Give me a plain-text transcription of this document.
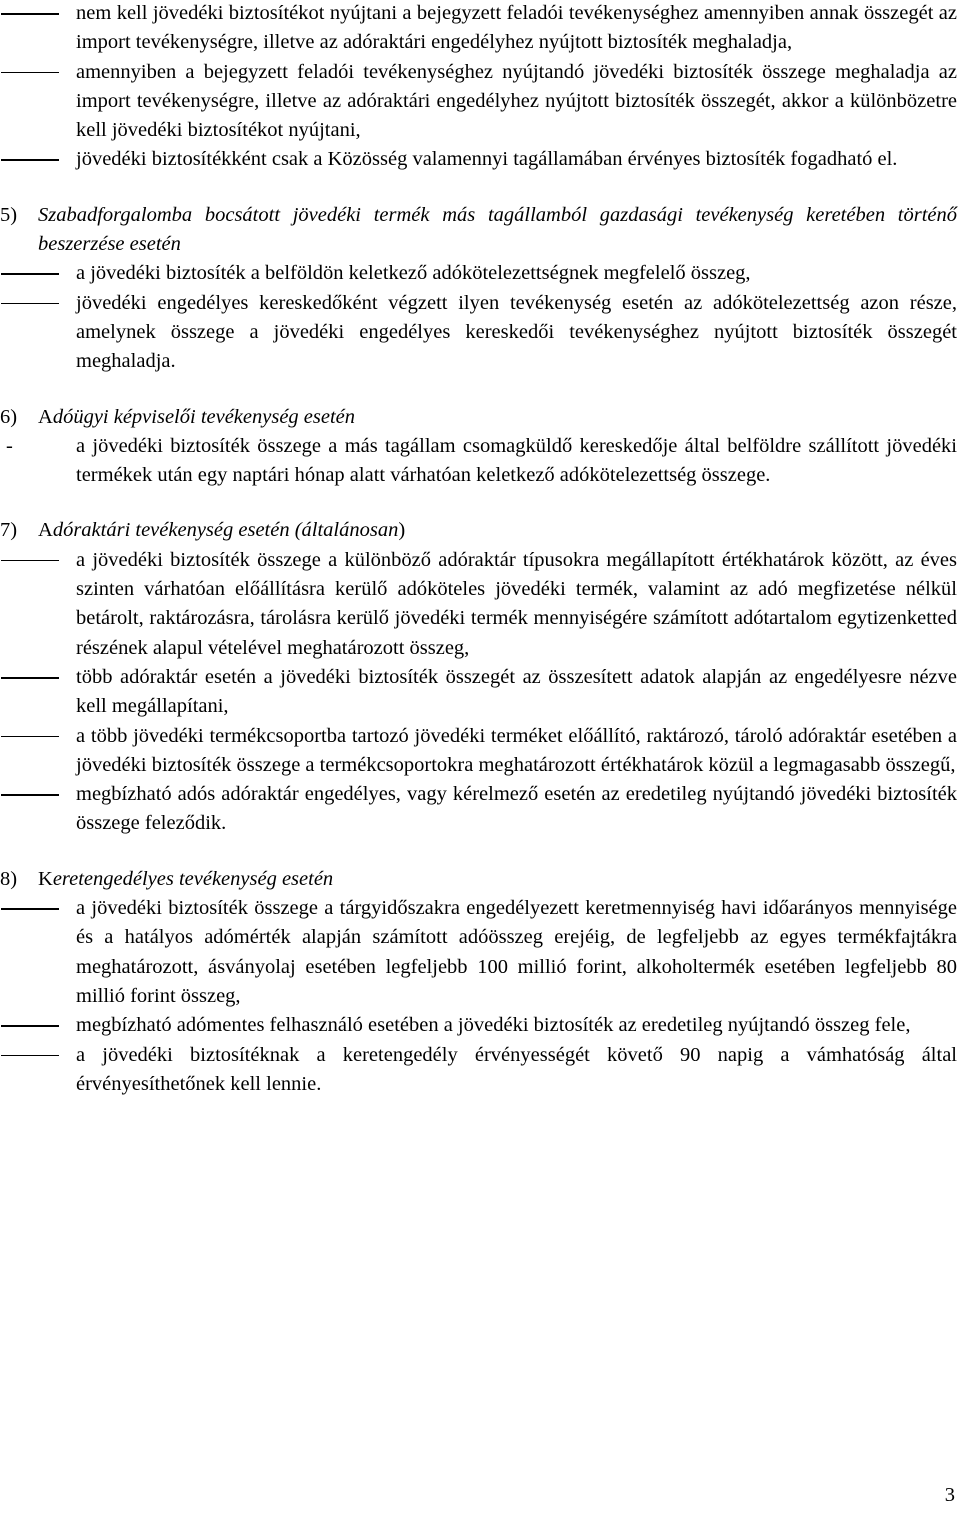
nem kell jövedéki biztosítékot nyújtani a bejegyzett feladói tevékenységhez amennyiben annak összegét az import tevékenységre, illetve az adóraktári engedélyhez nyújtott biztosíték meghaladja,
amennyiben a bejegyzett feladói tevékenységhez nyújtandó jövedéki biztosíték összege meghaladja az import tevékenységre, illetve az adóraktári engedélyhez nyújtott biztosíték összegét, akkor a különbözetre kell jövedéki biztosítékot nyújtani,
jövedéki biztosítékként csak a Közösség valamennyi tagállamában érvényes biztosíték fogadható el.

5) Szabadforgalomba bocsátott jövedéki termék más tagállamból gazdasági tevékenység keretében történő beszerzése esetén

a jövedéki biztosíték a belföldön keletkező adókötelezettségnek megfelelő összeg,
jövedéki engedélyes kereskedőként végzett ilyen tevékenység esetén az adókötelezettség azon része, amelynek összege a jövedéki engedélyes kereskedői tevékenységhez nyújtott biztosíték összegét meghaladja.

6) Adóügyi képviselői tevékenység esetén

-	a jövedéki biztosíték összege a más tagállam csomagküldő kereskedője által belföldre szállított jövedéki termékek után egy naptári hónap alatt várhatóan keletkező adókötelezettség összege.

7) Adóraktári tevékenység esetén (általánosan)

a jövedéki biztosíték összege a különböző adóraktár típusokra megállapított értékhatárok között, az éves szinten várhatóan előállításra kerülő adóköteles jövedéki termék, valamint az adó megfizetése nélkül betárolt, raktározásra, tárolásra kerülő jövedéki termék mennyiségére számított adótartalom egytizenketted részének alapul vételével meghatározott összeg,
több adóraktár esetén a jövedéki biztosíték összegét az összesített adatok alapján az engedélyesre nézve kell megállapítani,
a több jövedéki termékcsoportba tartozó jövedéki terméket előállító, raktározó, tároló adóraktár esetében a jövedéki biztosíték összege a termékcsoportokra meghatározott értékhatárok közül a legmagasabb összegű,
megbízható adós adóraktár engedélyes, vagy kérelmező esetén az eredetileg nyújtandó jövedéki biztosíték összege feleződik.

8) Keretengedélyes tevékenység esetén

a jövedéki biztosíték összege a tárgyidőszakra engedélyezett keretmennyiség havi időarányos mennyisége és a hatályos adómérték alapján számított adóösszeg erejéig, de legfeljebb az egyes termékfajtákra meghatározott, ásványolaj esetében legfeljebb 100 millió forint, alkoholtermék esetében legfeljebb 80 millió forint összeg,
megbízható adómentes felhasználó esetében a jövedéki biztosíték az eredetileg nyújtandó összeg fele,
a jövedéki biztosítéknak a keretengedély érvényességét követő 90 napig a vámhatóság által érvényesíthetőnek kell lennie.
3
